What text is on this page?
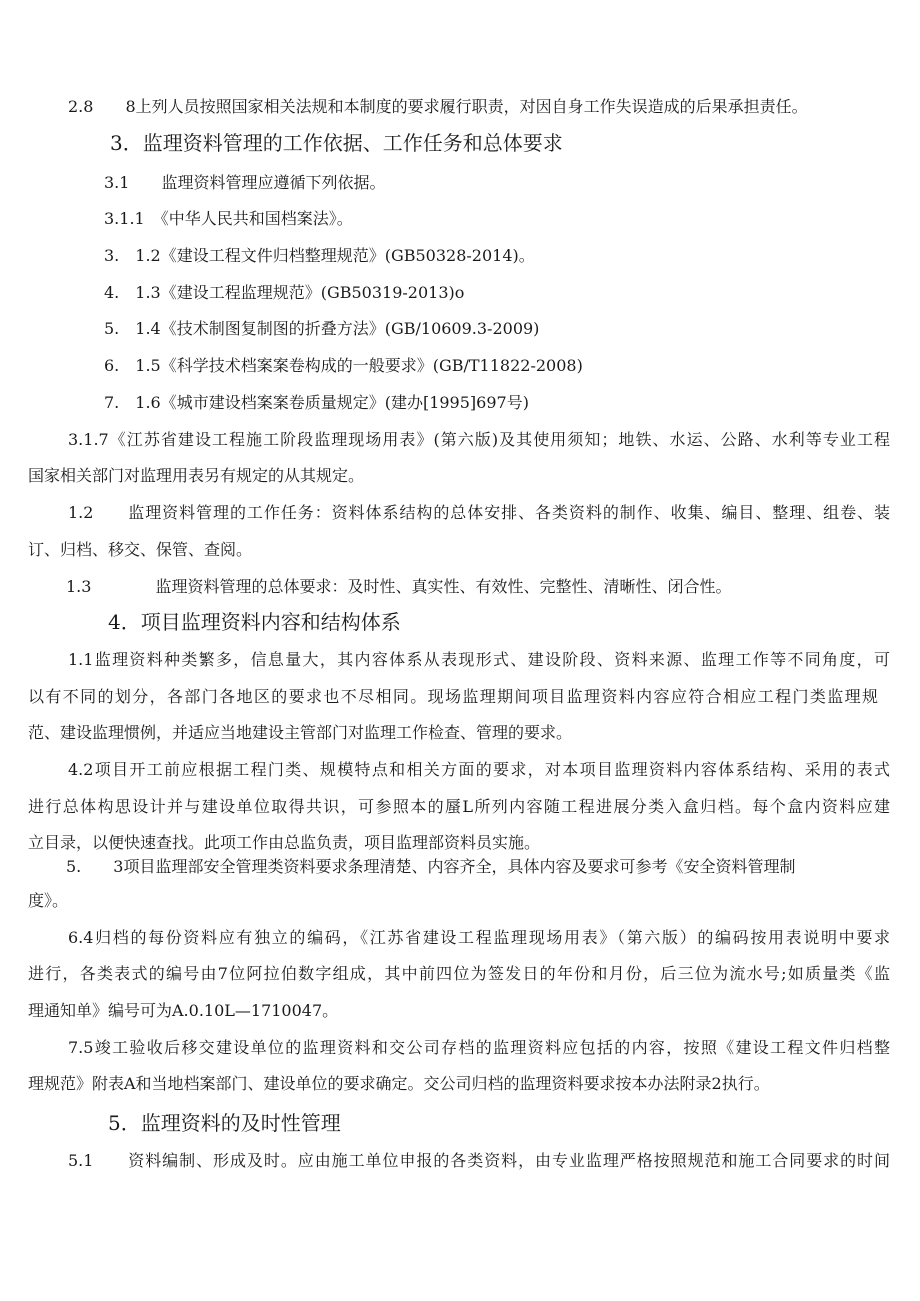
2.8　　8上列人员按照国家相关法规和本制度的要求履行职责，对因自身工作失误造成的后果承担责任。
3．监理资料管理的工作依据、工作任务和总体要求
3.1　　监理资料管理应遵循下列依据。
3.1.1　《中华人民共和国档案法》。
3.　1.2《建设工程文件归档整理规范》(GB50328-2014)。
4.　1.3《建设工程监理规范》(GB50319-2013)o
5.　1.4《技术制图复制图的折叠方法》(GB/10609.3-2009)
6.　1.5《科学技术档案案卷构成的一般要求》(GB/T11822-2008)
7.　1.6《城市建设档案案卷质量规定》(建办[1995]697号)
3.1.7《江苏省建设工程施工阶段监理现场用表》(第六版)及其使用须知；地铁、水运、公路、水利等专业工程
国家相关部门对监理用表另有规定的从其规定。
1.2　　监理资料管理的工作任务：资料体系结构的总体安排、各类资料的制作、收集、编目、整理、组卷、装
订、归档、移交、保管、查阅。
1.3　　　　监理资料管理的总体要求：及时性、真实性、有效性、完整性、清晰性、闭合性。
4．项目监理资料内容和结构体系
1.1监理资料种类繁多，信息量大，其内容体系从表现形式、建设阶段、资料来源、监理工作等不同角度，可
以有不同的划分，各部门各地区的要求也不尽相同。现场监理期间项目监理资料内容应符合相应工程门类监理规
范、建设监理惯例，并适应当地建设主管部门对监理工作检查、管理的要求。
4.2项目开工前应根据工程门类、规模特点和相关方面的要求，对本项目监理资料内容体系结构、采用的表式
进行总体构思设计并与建设单位取得共识，可参照本的蜃L所列内容随工程进展分类入盒归档。每个盒内资料应建
立目录，以便快速查找。此项工作由总监负责，项目监理部资料员实施。
5.　　3项目监理部安全管理类资料要求条理清楚、内容齐全，具体内容及要求可参考《安全资料管理制
度》。
6.4归档的每份资料应有独立的编码，《江苏省建设工程监理现场用表》（第六版）的编码按用表说明中要求
进行，各类表式的编号由7位阿拉伯数字组成，其中前四位为签发日的年份和月份，后三位为流水号;如质量类《监
理通知单》编号可为A.0.10L—1710047。
7.5竣工验收后移交建设单位的监理资料和交公司存档的监理资料应包括的内容，按照《建设工程文件归档整
理规范》附表A和当地档案部门、建设单位的要求确定。交公司归档的监理资料要求按本办法附录2执行。
5．监理资料的及时性管理
5.1　　资料编制、形成及时。应由施工单位申报的各类资料，由专业监理严格按照规范和施工合同要求的时间
